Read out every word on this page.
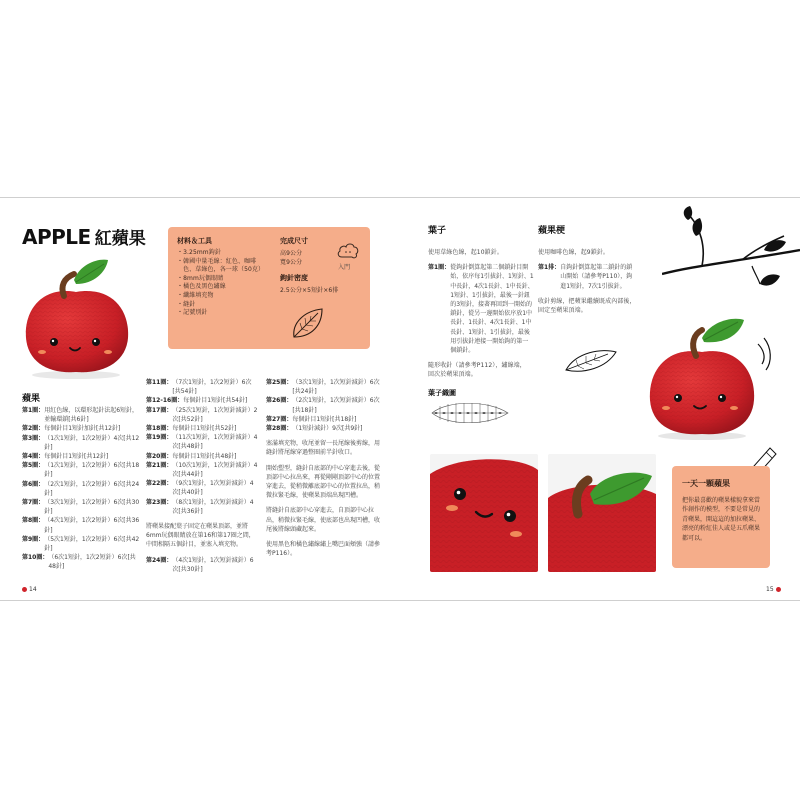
APPLE 紅蘋果	材料＆工具
・3.25mm鉤針
・韓國中量毛線：紅色、咖啡
　色、草綠色，各一球（50克）
・8mm玩偶眼睛
・橘色及黑色繡線
・纖維填充物
・縫針
・記號別針
完成尺寸
高9公分
寬9公分
鉤針密度
2.5公分×5短針×6排
入門
蘋果
第1圈： 用紅色線，以環形起針法起6短針，並輸環鎖[共6針]
第2圈： 每個針目1短針加針[共12針]
第3圈： （1次1短針，1次2短針）4次[共12針]
第4圈： 每個針目1短針[共12針]
第5圈： （1次1短針，1次2短針）6次[共18針]
第6圈： （2次1短針，1次2短針）6次[共24針]
第7圈： （3次1短針，1次2短針）6次[共30針]
第8圈： （4次1短針，1次2短針）6次[共36針]
第9圈： （5次1短針，1次2短針）6次[共42針]
第10圈： （6次1短針，1次2短針）6次[共48針]
第11圈： （7次1短針，1次2短針）6次[共54針]
第12-16圈： 每個針目1短針[共54針]
第17圈： （25次1短針，1次短針減針）2次[共52針]
第18圈： 每個針目1短針[共52針]
第19圈： （11次1短針，1次短針減針）4次[共48針]
第20圈： 每個針目1短針[共48針]
第21圈： （10次1短針，1次短針減針）4次[共44針]
第22圈： （9次1短針，1次短針減針）4次[共40針]
第23圈： （8次1短針，1次短針減針）4次[共36針]
將蘋果接配葉子固定在蘋果頂部，並將6mm玩偶眼睛放在第16和第17圈之間，中間相隔五個針目，並塞入填充物。
第24圈： （4次1短針，1次短針減針）6次[共30針]
第25圈： （3次1短針，1次短針減針）6次[共24針]
第26圈： （2次1短針，1次短針減針）6次[共18針]
第27圈： 每個針目1短針[共18針]
第28圈： （1短針減針）9次[共9針]
塞滿填充物，收尾並留一長尾線後剪線，用縫針將尾線穿過整圈前半針收口。
開始塑型，縫針自底部的中心穿進去後，從頂部中心拉出來，再從剛剛頂部中心的位置穿進去，從稍微離底部中心的位置拉出，稍微拉緊毛線，使蘋果頂端出現凹槽。
將縫針自底部中心穿進去，自頂部中心拉出，稍微拉緊毛線，使底部也出現凹槽，收尾後將線頭藏起來。
使用黑色和橘色繡線繡上嘴巴面頰強（請參考P116）。
14
葉子	蘋果梗
使用草綠色線，起10鎖針。
第1圈： 從鉤針倒算起第二個鎖針目開始，依序每1引拔針、1短針、1中長針，4次1長針、1中長針、1短針、1引拔針，最後一針鈕的3短針，接著再回到一開始的鎖針，從另一邊開始依序放1中長針、1長針、4次1長針、1中長針、1短針、1引拔針，最後用引拔針連接一開始鉤的第一個鎖針。
隨形收針（請參考P112），繡線端，回次於蘋果頂端。
使用咖啡色線，起9鎖針。
第1排： 自鉤針倒算起第二鎖針的鎖山開始（請參考P110），鉤進1短針，7次1引拔針。
收針剪線，把蘋果繼續既成內部後，固定至蘋果頂端。
葉子織圖
一天一顆蘋果
把你最喜歡的蘋果樣貌拿來當作創作的模型，不要是常見的青蘋果，開這這的加拉蘋果、漂亮的粉紅佳人或是五爪蘋果都可以。
15
